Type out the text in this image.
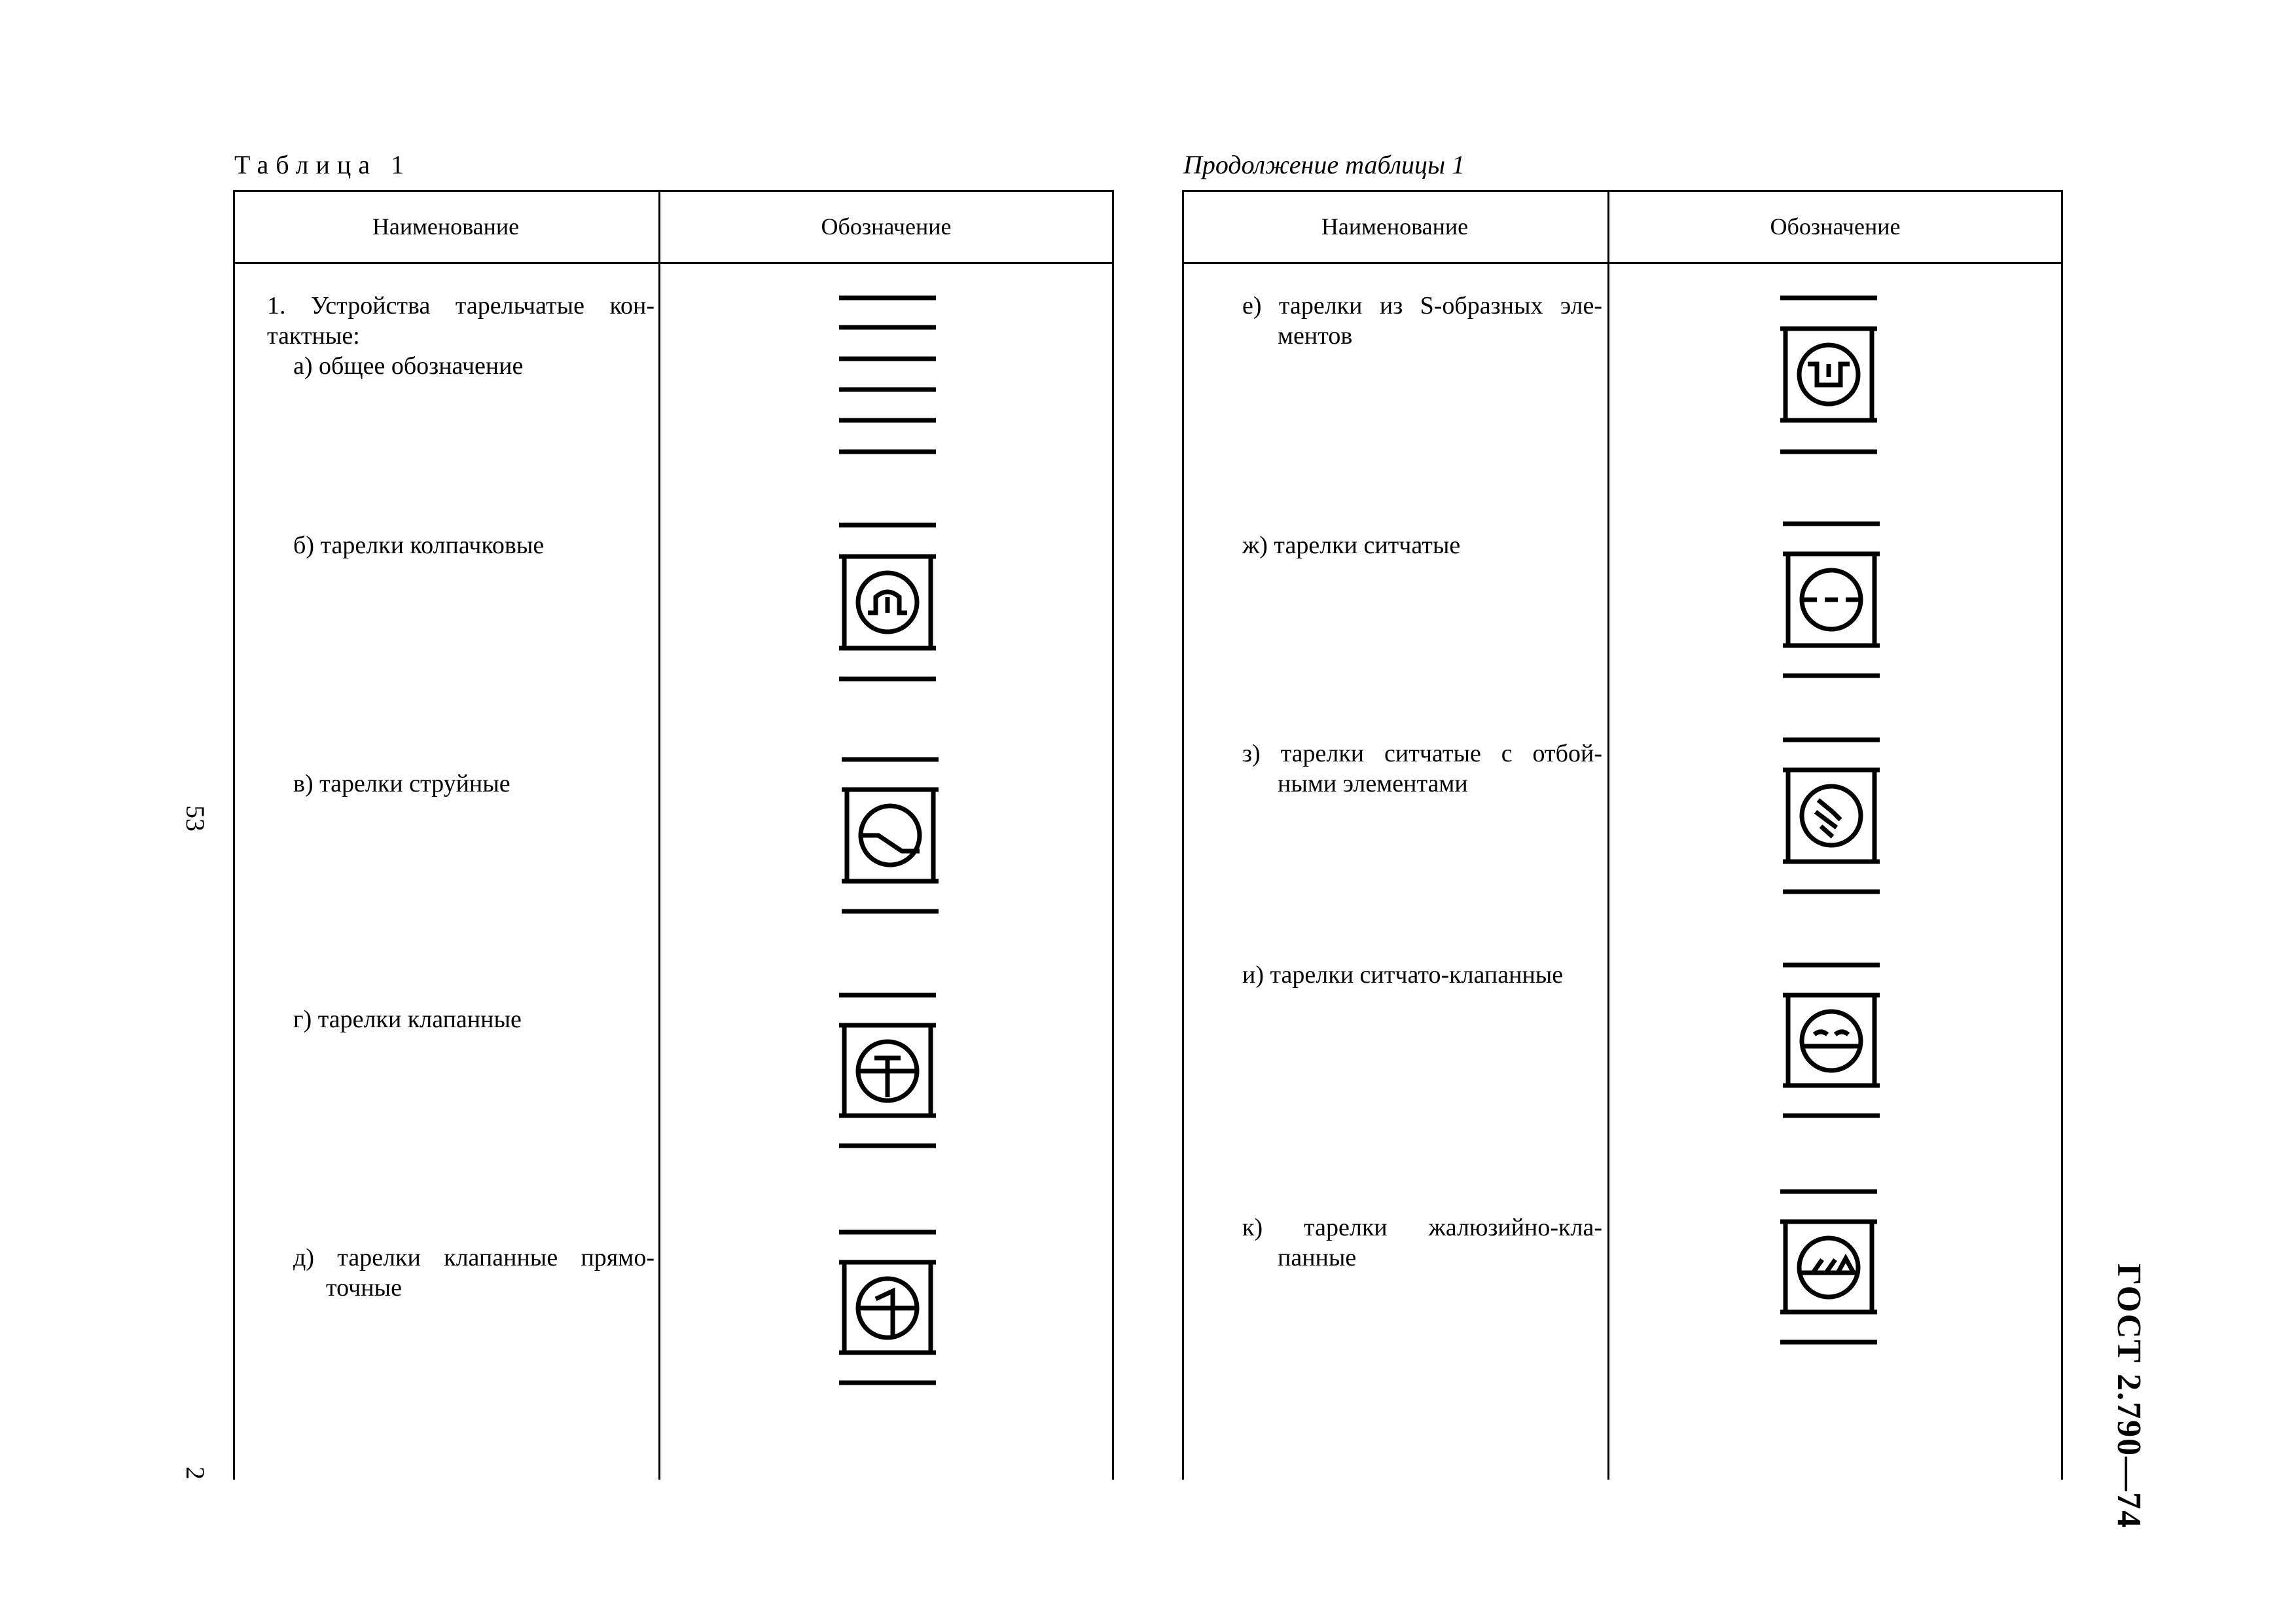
Таблица 1	Продолжение таблицы 1
Наименование	Обозначение
1. Устройства тарельчатые кон-
тактные:
а) общее обозначение
б) тарелки колпачковые
в) тарелки струйные
г) тарелки клапанные
д) тарелки клапанные прямо-
точные
Наименование	Обозначение
е) тарелки из S-образных эле-
ментов
ж) тарелки ситчатые
з) тарелки ситчатые с отбой-
ными элементами
и) тарелки ситчато-клапанные
к) тарелки жалюзийно-кла-
панные
53
2	ГОСТ 2.790—74
